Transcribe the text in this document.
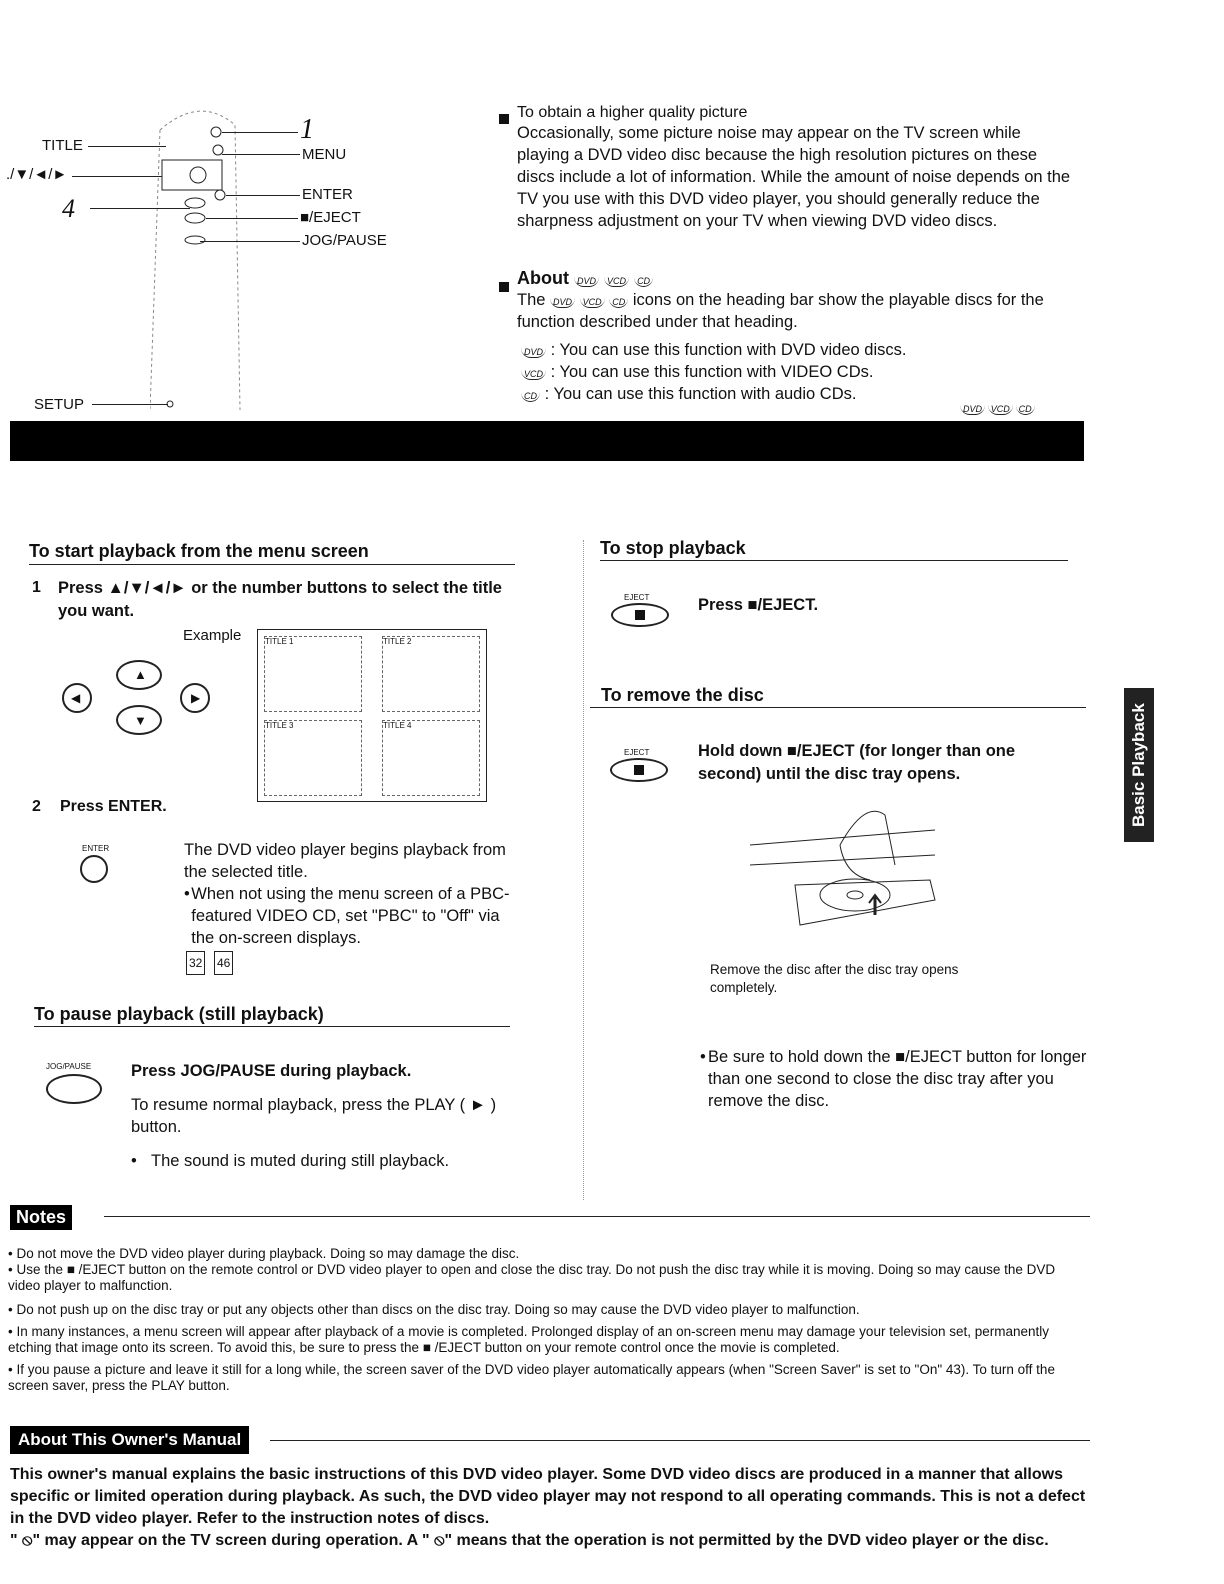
TITLE
./▼/◄/►
1
MENU
4	ENTER
■/EJECT
JOG/PAUSE
SETUP
To obtain a higher quality picture
Occasionally, some picture noise may appear on the TV screen while playing a DVD video disc because the high resolution pictures on these discs include a lot of information. While the amount of noise depends on the TV you use with this DVD video player, you should generally reduce the sharpness adjustment on your TV when viewing DVD video discs.
About DVD VCD CD
The DVD VCD CD icons on the heading bar show the playable discs for the function described under that heading.
DVD : You can use this function with DVD video discs.
VCD : You can use this function with VIDEO CDs.
CD : You can use this function with audio CDs.
DVD VCD CD
To start playback from the menu screen
1 Press ▲/▼/◄/► or the number buttons to select the title you want.
Example
▲
▼
◀	▶
TITLE 1	TITLE 2
TITLE 3	TITLE 4
2 Press ENTER.
ENTER	The DVD video player begins playback from the selected title.
• When not using the menu screen of a PBC-featured VIDEO CD, set "PBC" to "Off" via the on-screen displays.
32 46
To pause playback (still playback)
JOG/PAUSE Press JOG/PAUSE during playback.
To resume normal playback, press the PLAY ( ► ) button.
• The sound is muted during still playback.
To stop playback
EJECT	Press ■/EJECT.
To remove the disc
EJECT	Hold down ■/EJECT (for longer than one second) until the disc tray opens.
Remove the disc after the disc tray opens completely.
• Be sure to hold down the ■/EJECT button for longer than one second to close the disc tray after you remove the disc.
Basic Playback
Notes
• Do not move the DVD video player during playback. Doing so may damage the disc.
• Use the ■ /EJECT button on the remote control or DVD video player to open and close the disc tray. Do not push the disc tray while it is moving. Doing so may cause the DVD video player to malfunction.
• Do not push up on the disc tray or put any objects other than discs on the disc tray. Doing so may cause the DVD video player to malfunction.
• In many instances, a menu screen will appear after playback of a movie is completed. Prolonged display of an on-screen menu may damage your television set, permanently etching that image onto its screen. To avoid this, be sure to press the ■ /EJECT button on your remote control once the movie is completed.
• If you pause a picture and leave it still for a long while, the screen saver of the DVD video player automatically appears (when "Screen Saver" is set to "On" 43). To turn off the screen saver, press the PLAY button.
About This Owner's Manual
This owner's manual explains the basic instructions of this DVD video player. Some DVD video discs are produced in a manner that allows specific or limited operation during playback. As such, the DVD video player may not respond to all operating commands. This is not a defect in the DVD video player. Refer to the instruction notes of discs.
" ⦸" may appear on the TV screen during operation. A " ⦸" means that the operation is not permitted by the DVD video player or the disc.
